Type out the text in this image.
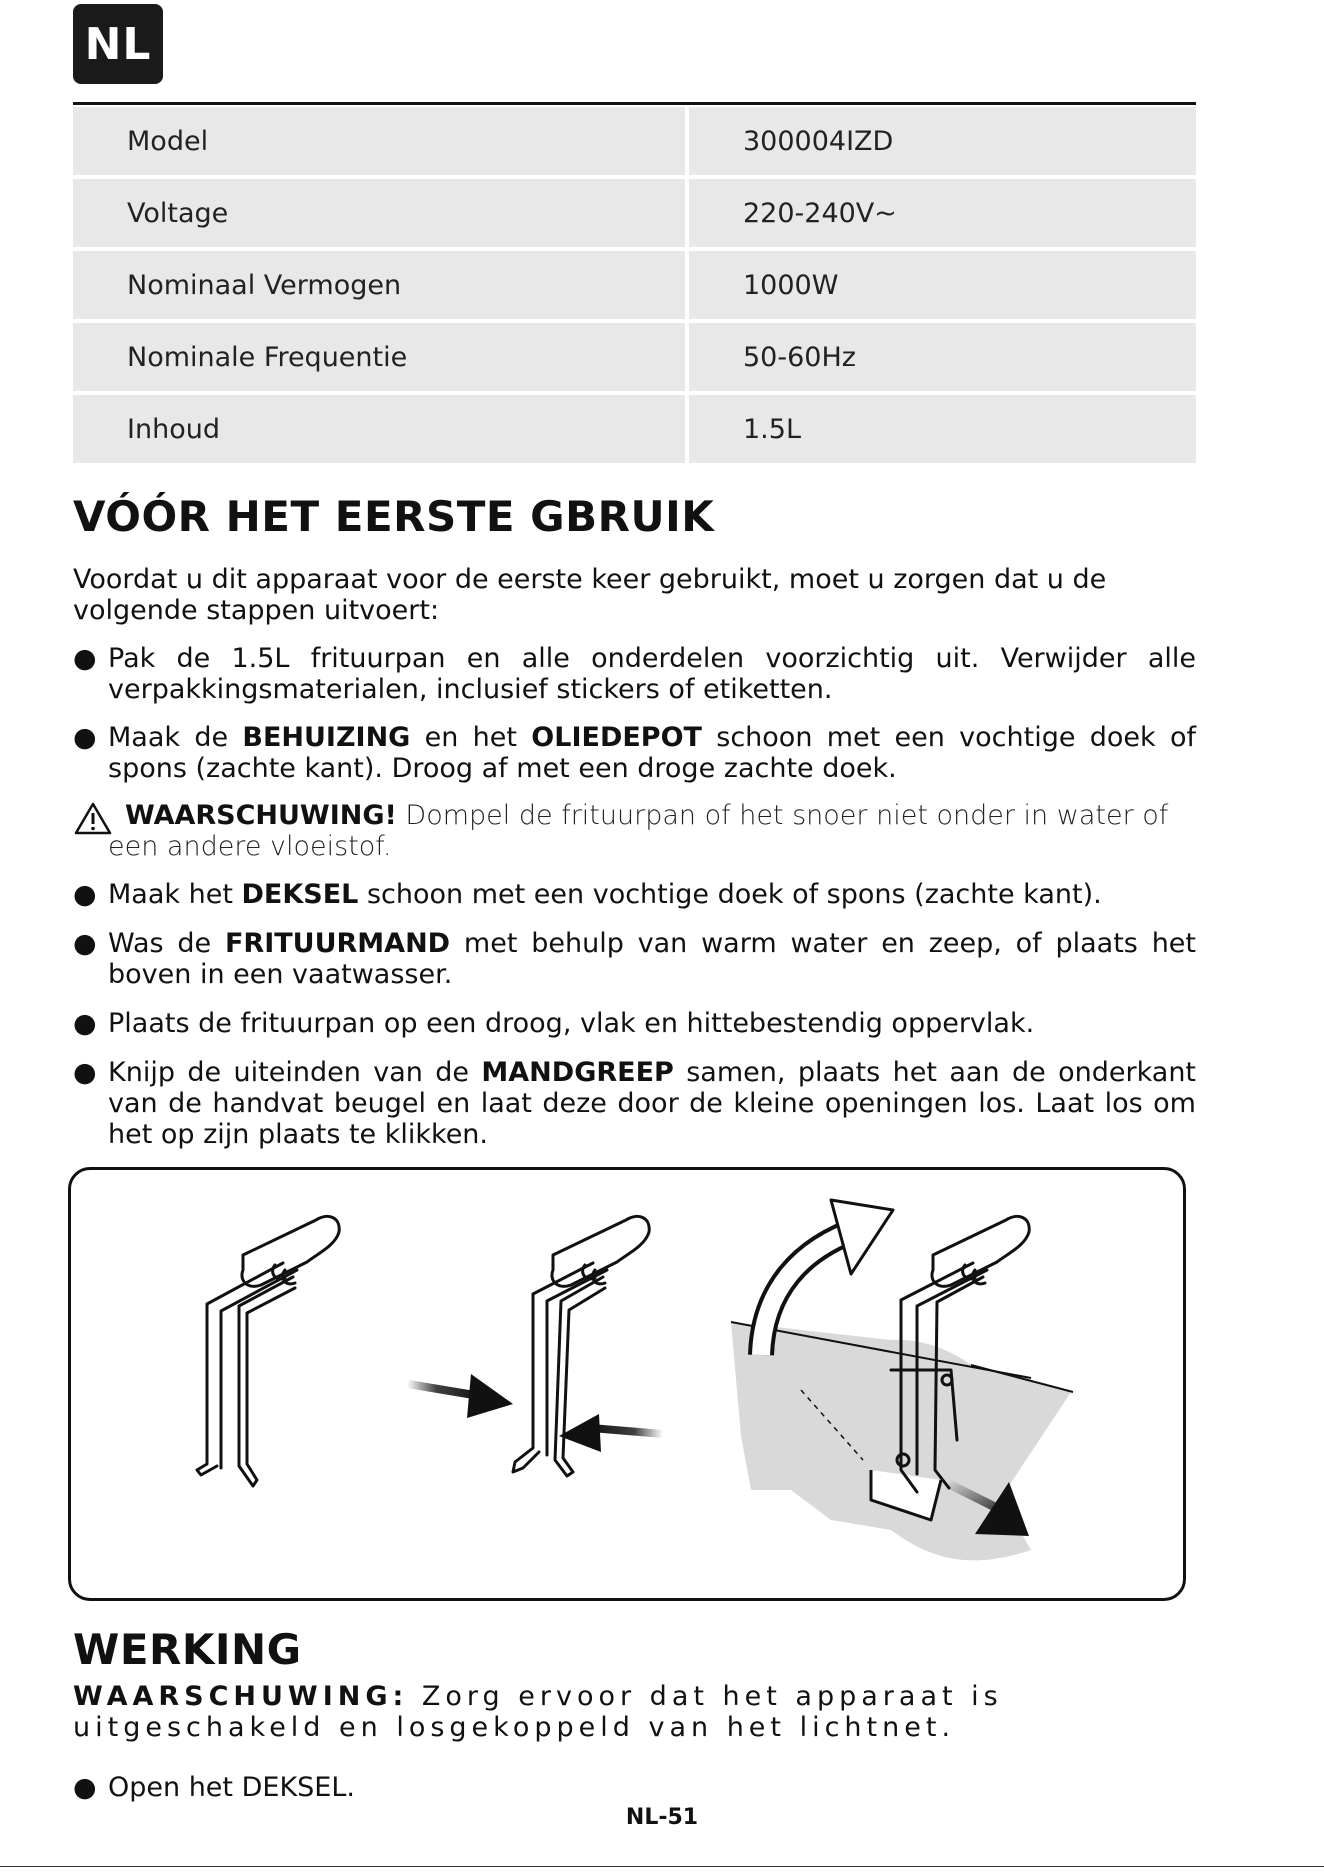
NL
Model	300004IZD
Voltage	220-240V~
Nominaal Vermogen	1000W
Nominale Frequentie	50-60Hz
Inhoud	1.5L
VÓÓR HET EERSTE GBRUIK

Voordat u dit apparaat voor de eerste keer gebruikt, moet u zorgen dat u de volgende stappen uitvoert:

● Pak de 1.5L frituurpan en alle onderdelen voorzichtig uit. Verwijder alle verpakkingsmaterialen, inclusief stickers of etiketten.
● Maak de BEHUIZING en het OLIEDEPOT schoon met een vochtige doek of spons (zachte kant). Droog af met een droge zachte doek.
WAARSCHUWING! Dompel de frituurpan of het snoer niet onder in water of een andere vloeistof.
● Maak het DEKSEL schoon met een vochtige doek of spons (zachte kant).
● Was de FRITUURMAND met behulp van warm water en zeep, of plaats het boven in een vaatwasser.
● Plaats de frituurpan op een droog, vlak en hittebestendig oppervlak.
● Knijp de uiteinden van de MANDGREEP samen, plaats het aan de onderkant van de handvat beugel en laat deze door de kleine openingen los. Laat los om het op zijn plaats te klikken.
WERKING

WAARSCHUWING: Zorg ervoor dat het apparaat is uitgeschakeld en losgekoppeld van het lichtnet.

● Open het DEKSEL.
NL-51
